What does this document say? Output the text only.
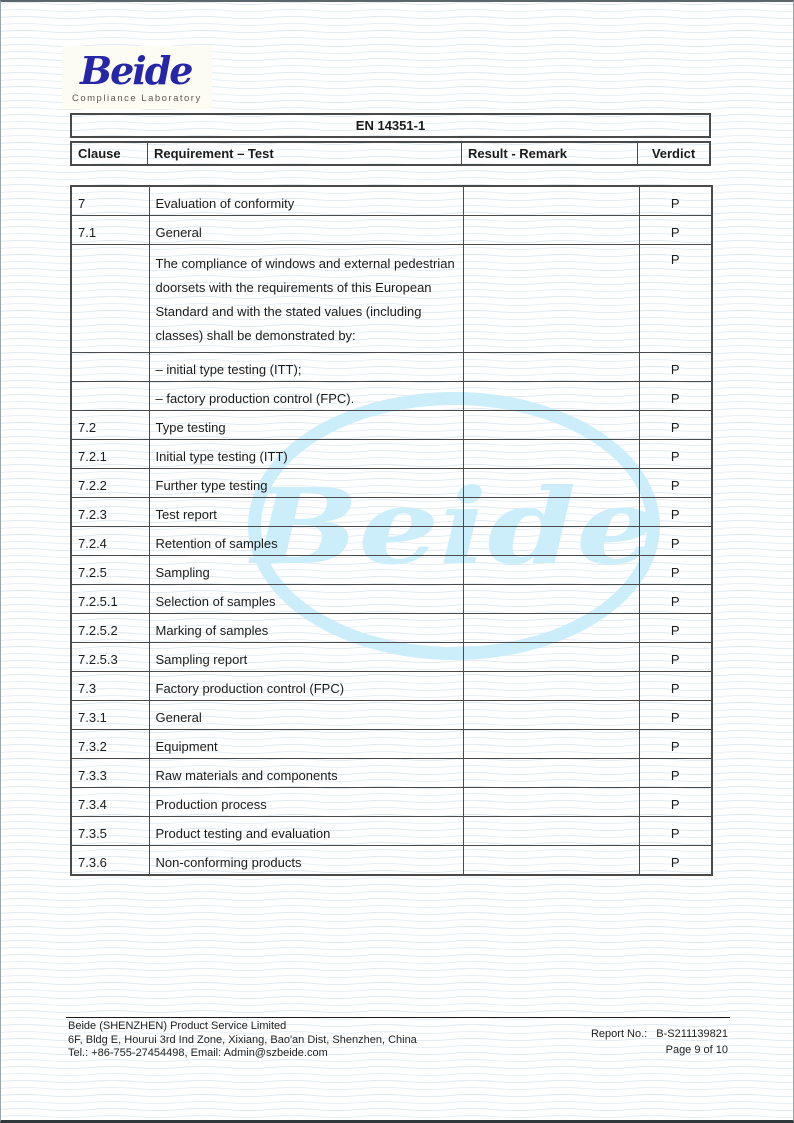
Beide
Beide
Compliance Laboratory
EN 14351-1
Clause	Requirement – Test	Result - Remark	Verdict
7	Evaluation of conformity		P
7.1	General		P
	The compliance of windows and external pedestrian doorsets with the requirements of this European Standard and with the stated values (including classes) shall be demonstrated by:		P
	– initial type testing (ITT);		P
	– factory production control (FPC).		P
7.2	Type testing		P
7.2.1	Initial type testing (ITT)		P
7.2.2	Further type testing		P
7.2.3	Test report		P
7.2.4	Retention of samples		P
7.2.5	Sampling		P
7.2.5.1	Selection of samples		P
7.2.5.2	Marking of samples		P
7.2.5.3	Sampling report		P
7.3	Factory production control (FPC)		P
7.3.1	General		P
7.3.2	Equipment		P
7.3.3	Raw materials and components		P
7.3.4	Production process		P
7.3.5	Product testing and evaluation		P
7.3.6	Non-conforming products		P
Beide (SHENZHEN) Product Service Limited
6F, Bldg E, Hourui 3rd Ind Zone, Xixiang, Bao'an Dist, Shenzhen, China
Tel.: +86-755-27454498, Email: Admin@szbeide.com
Report No.: B-S211139821
Page 9 of 10
